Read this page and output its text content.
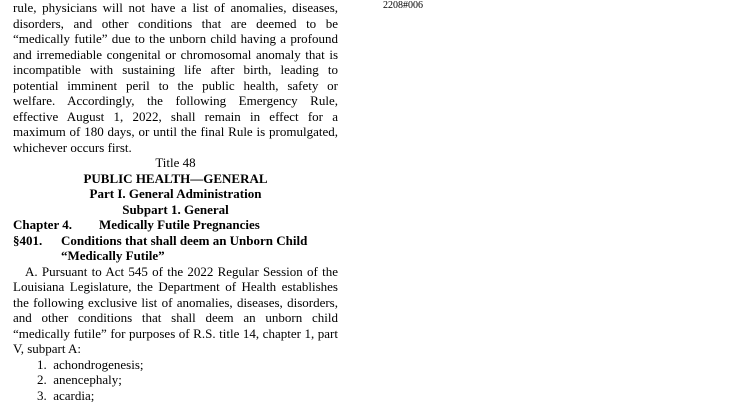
2208#006

rule, physicians will not have a list of anomalies, diseases, disorders, and other conditions that are deemed to be “medically futile” due to the unborn child having a profound and irremediable congenital or chromosomal anomaly that is incompatible with sustaining life after birth, leading to potential imminent peril to the public health, safety or welfare. Accordingly, the following Emergency Rule, effective August 1, 2022, shall remain in effect for a maximum of 180 days, or until the final Rule is promulgated, whichever occurs first.

Title 48

PUBLIC HEALTH—GENERAL

Part I. General Administration

Subpart 1. General

Chapter 4. Medically Futile Pregnancies

§401. Conditions that shall deem an Unborn Child

“Medically Futile”

A. Pursuant to Act 545 of the 2022 Regular Session of the Louisiana Legislature, the Department of Health establishes the following exclusive list of anomalies, diseases, disorders, and other conditions that shall deem an unborn child “medically futile” for purposes of R.S. title 14, chapter 1, part V, subpart A:

1. achondrogenesis;
2. anencephaly;
3. acardia;
